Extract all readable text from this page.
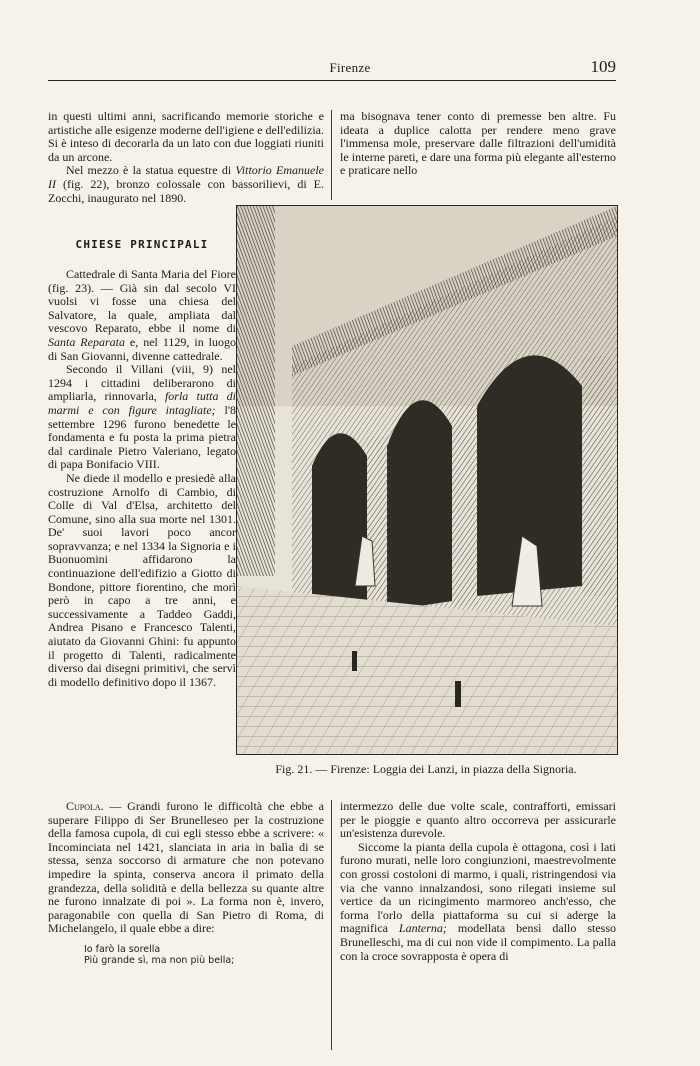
Firenze	109

in questi ultimi anni, sacrificando memorie storiche e artistiche alle esigenze moderne dell'igiene e dell'edilizia. Si è inteso di decorarla da un lato con due loggiati riuniti da un arcone.

Nel mezzo è la statua equestre di Vittorio Emanuele II (fig. 22), bronzo colossale con bassorilievi, di E. Zocchi, inaugurato nel 1890.

ma bisognava tener conto di premesse ben altre. Fu ideata a duplice calotta per rendere meno grave l'immensa mole, preservare dalle filtrazioni dell'umidità le interne pareti, e dare una forma più elegante all'esterno e praticare nello

CHIESE PRINCIPALI

Cattedrale di Santa Maria del Fiore (fig. 23). — Già sin dal secolo VI vuolsi vi fosse una chiesa del Salvatore, la quale, ampliata dal vescovo Reparato, ebbe il nome di Santa Reparata e, nel 1129, in luogo di San Giovanni, divenne cattedrale.

Secondo il Villani (viii, 9) nel 1294 i cittadini deliberarono di ampliarla, rinnovarla, forla tutta di marmi e con figure intagliate; l'8 settembre 1296 furono benedette le fondamenta e fu posta la prima pietra dal cardinale Pietro Valeriano, legato di papa Bonifacio VIII.

Ne diede il modello e presiedè alla costruzione Arnolfo di Cambio, di Colle di Val d'Elsa, architetto del Comune, sino alla sua morte nel 1301. De' suoi lavori poco ancor sopravvanza; e nel 1334 la Signoria e i Buonuomini affidarono la continuazione dell'edifizio a Giotto di Bondone, pittore fiorentino, che morì però in capo a tre anni, e successivamente a Taddeo Gaddi, Andrea Pisano e Francesco Talenti, aiutato da Giovanni Ghini: fu appunto il progetto di Talenti, radicalmente diverso dai disegni primitivi, che servì di modello definitivo dopo il 1367.

Fig. 21. — Firenze: Loggia dei Lanzi, in piazza della Signoria.

Cupola. — Grandi furono le difficoltà che ebbe a superare Filippo di Ser Brunelleseo per la costruzione della famosa cupola, di cui egli stesso ebbe a scrivere: « Incominciata nel 1421, slanciata in aria in balìa di se stessa, senza soccorso di armature che non potevano impedire la spinta, conserva ancora il primato della grandezza, della solidità e della bellezza su quante altre ne furono innalzate di poi ». La forma non è, invero, paragonabile con quella di San Pietro di Roma, di Michelangelo, il quale ebbe a dire:

Io farò la sorella
Più grande sì, ma non più bella;

intermezzo delle due volte scale, contrafforti, emissari per le pioggie e quanto altro occorreva per assicurarle un'esistenza durevole.

Siccome la pianta della cupola è ottagona, così i lati furono murati, nelle loro congiunzioni, maestrevolmente con grossi costoloni di marmo, i quali, ristringendosi via via che vanno innalzandosi, sono rilegati insieme sul vertice da un ricingimento marmoreo anch'esso, che forma l'orlo della piattaforma su cui si aderge la magnifica Lanterna; modellata bensì dallo stesso Brunelleschi, ma di cui non vide il compimento. La palla con la croce sovrapposta è opera di
